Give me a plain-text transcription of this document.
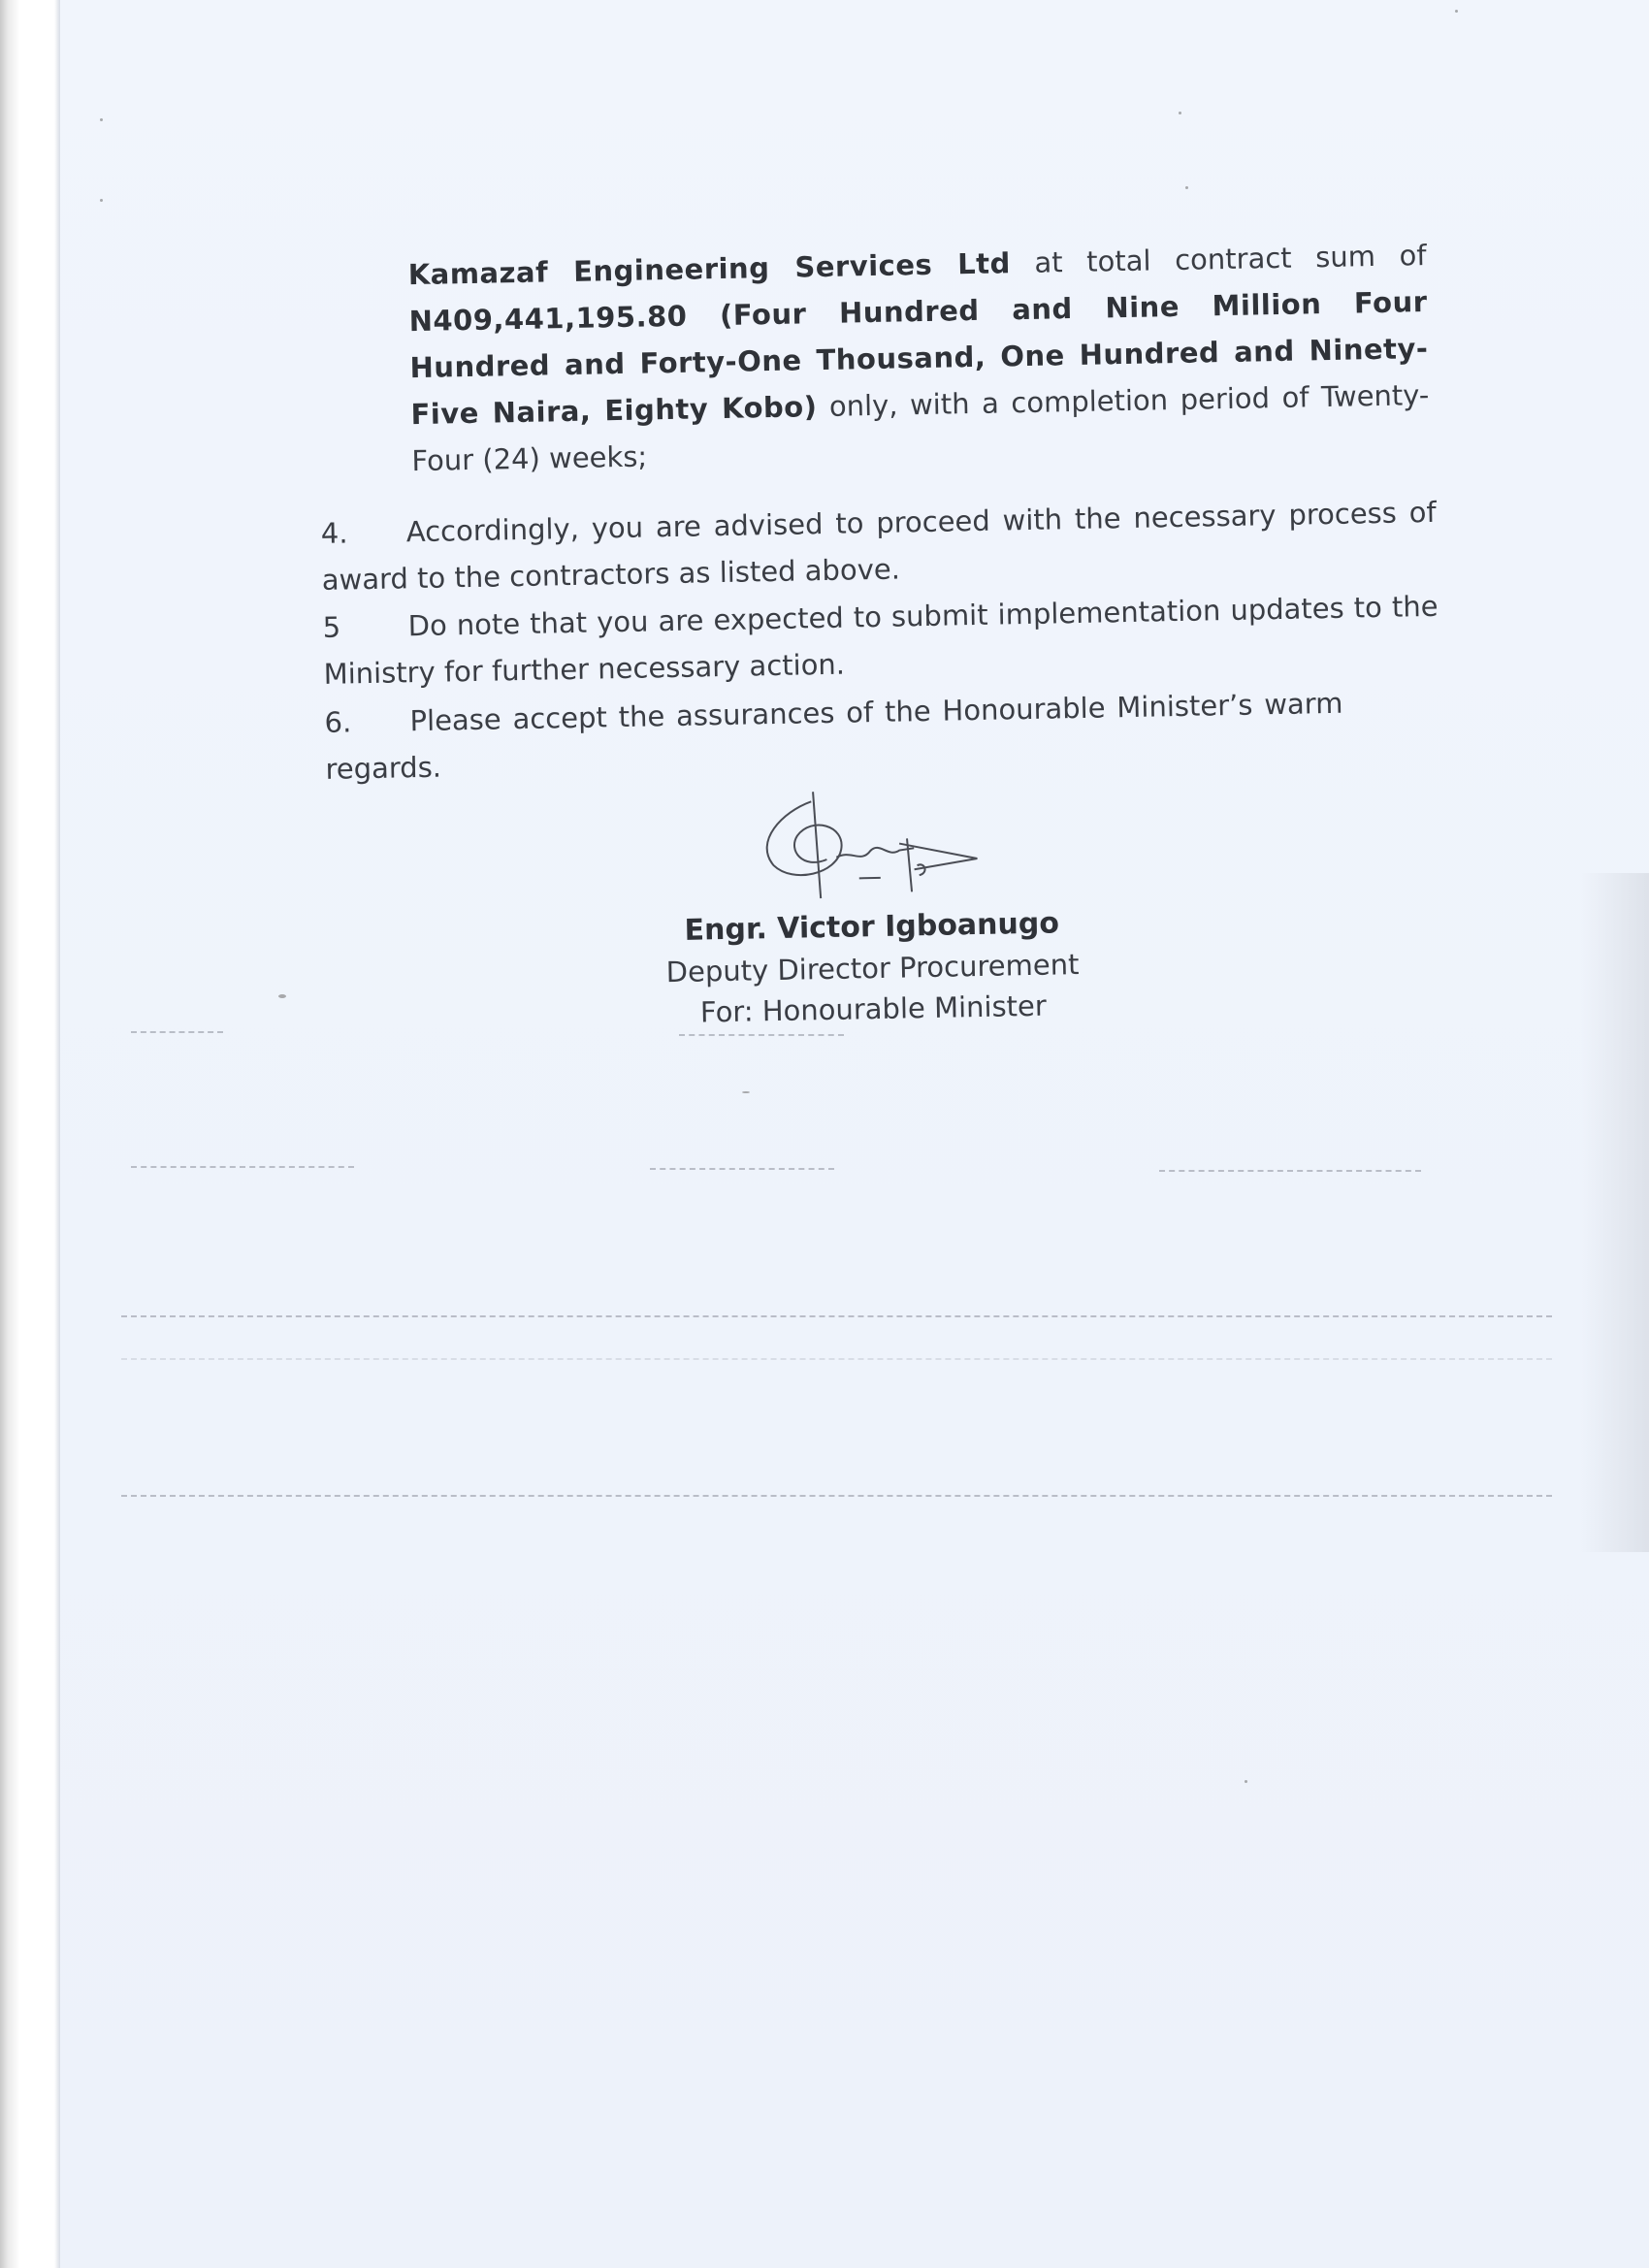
Kamazaf Engineering Services Ltd at total contract sum of N409,441,195.80 (Four Hundred and Nine Million Four Hundred and Forty-One Thousand, One Hundred and Ninety-Five Naira, Eighty Kobo) only, with a completion period of Twenty-Four (24) weeks;
4. Accordingly, you are advised to proceed with the necessary process of award to the contractors as listed above.
5 Do note that you are expected to submit implementation updates to the Ministry for further necessary action.
6. Please accept the assurances of the Honourable Minister’s warm regards.
Engr. Victor Igboanugo
Deputy Director Procurement
For: Honourable Minister
